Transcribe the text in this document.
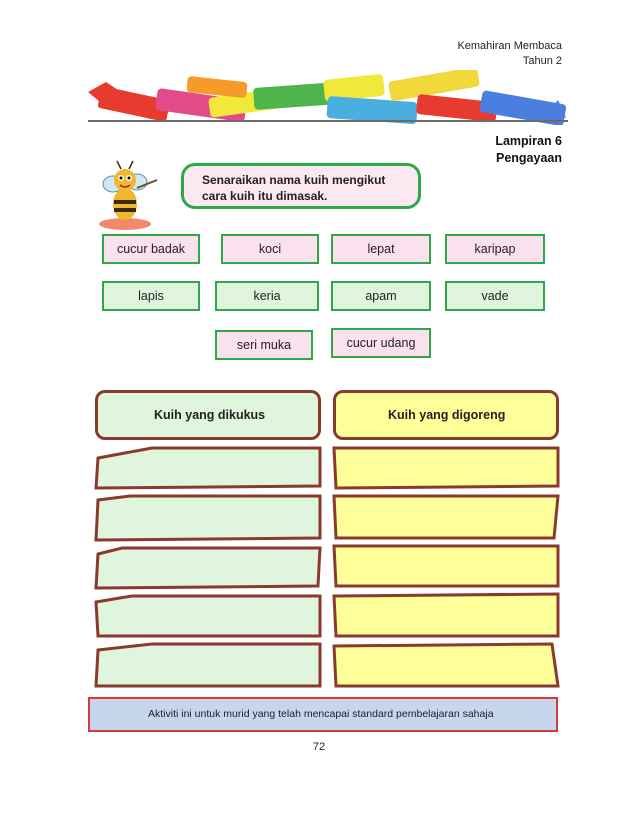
Kemahiran Membaca
Tahun 2
Lampiran 6
Pengayaan
Senaraikan nama kuih mengikut
cara kuih itu dimasak.
cucur badak	koci	lepat	karipap
lapis	keria	apam	vade
seri muka	cucur udang
Kuih yang dikukus	Kuih yang digoreng
Aktiviti ini untuk murid yang telah mencapai standard pembelajaran sahaja
72
